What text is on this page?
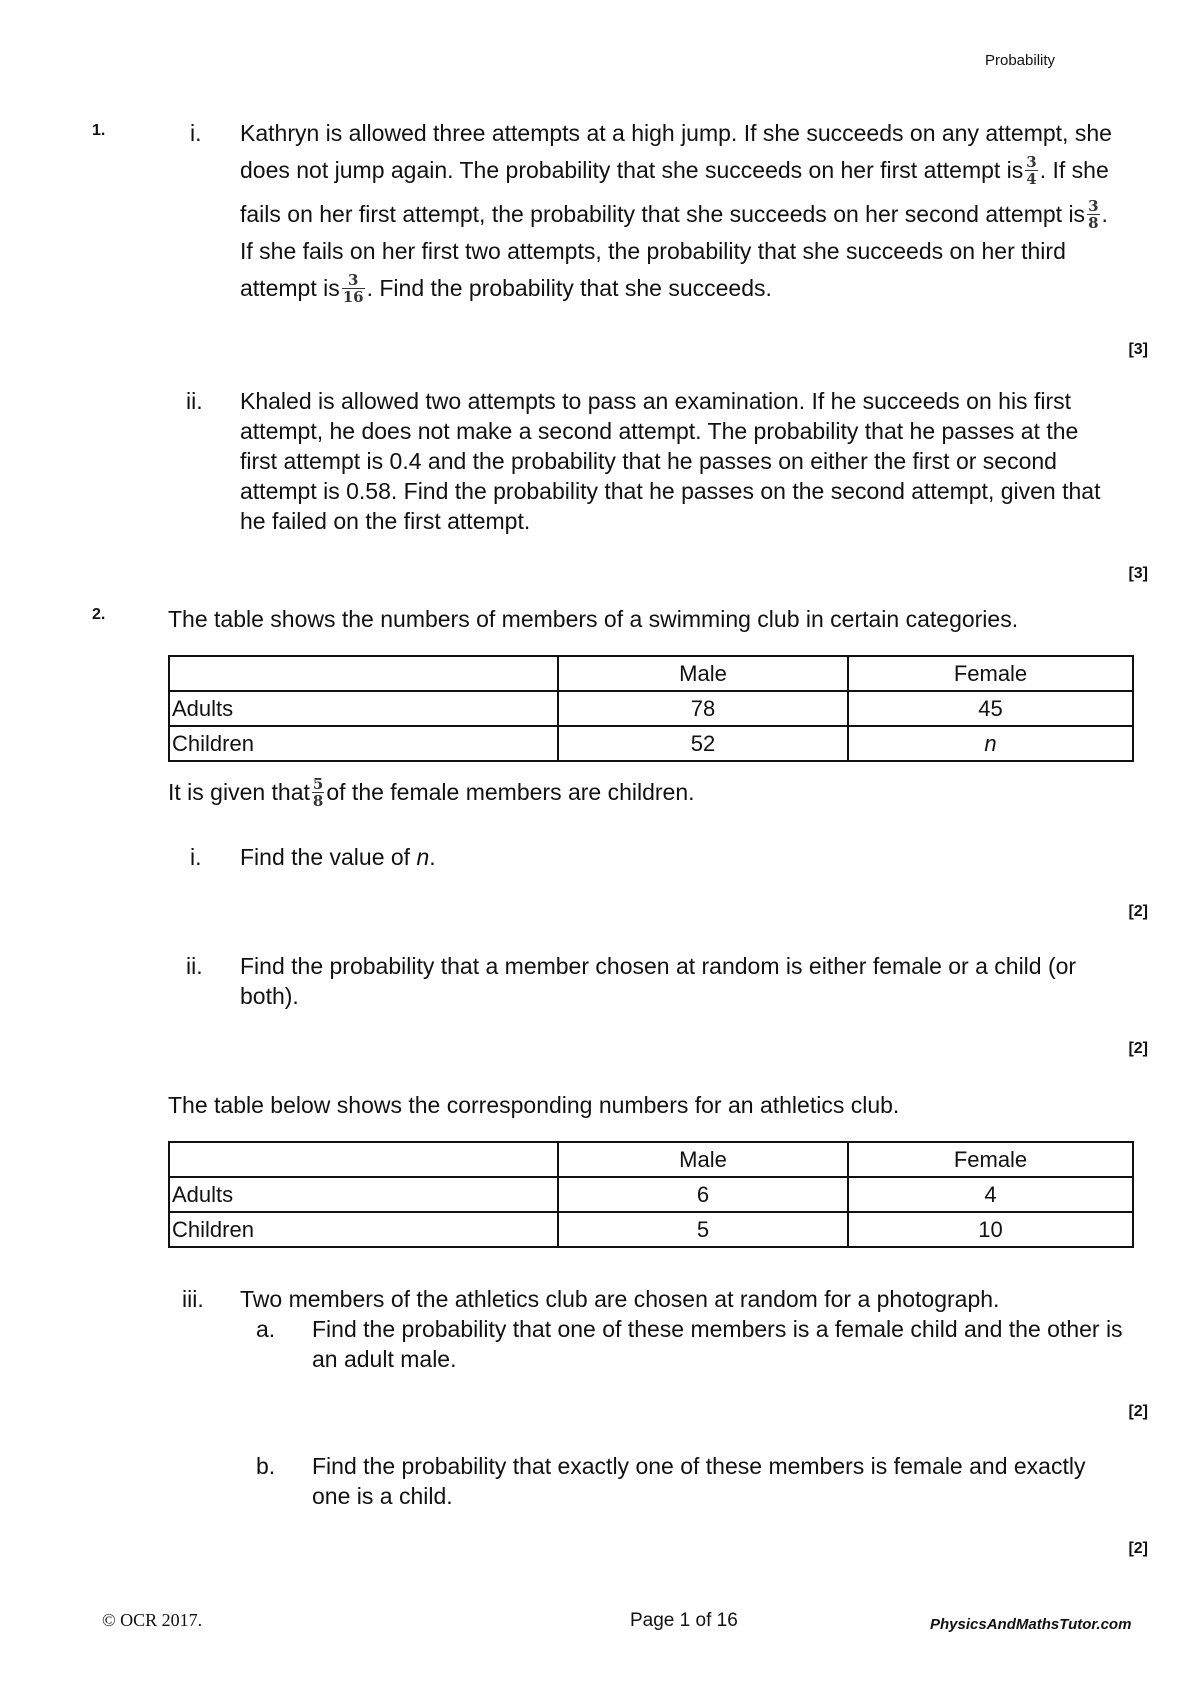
Probability
1.	i. Kathryn is allowed three attempts at a high jump. If she succeeds on any attempt, she
does not jump again. The probability that she succeeds on her first attempt is $\frac{3}{4}$ . If she
fails on her first attempt, the probability that she succeeds on her second attempt is $\frac{3}{8}$ .
If she fails on her first two attempts, the probability that she succeeds on her third
attempt is $\frac{3}{16}$ . Find the probability that she succeeds.
[3]
ii. Khaled is allowed two attempts to pass an examination. If he succeeds on his first
attempt, he does not make a second attempt. The probability that he passes at the
first attempt is 0.4 and the probability that he passes on either the first or second
attempt is 0.58. Find the probability that he passes on the second attempt, given that
he failed on the first attempt.
[3]
2.	The table shows the numbers of members of a swimming club in certain categories.
	Male	Female
Adults	78	45
Children	52	n
It is given that $\frac{5}{8}$ of the female members are children.
i. Find the value of n.
[2]
ii. Find the probability that a member chosen at random is either female or a child (or
both).
[2]
The table below shows the corresponding numbers for an athletics club.
	Male	Female
Adults	6	4
Children	5	10
iii. Two members of the athletics club are chosen at random for a photograph.
a. Find the probability that one of these members is a female child and the other is
an adult male.
[2]
b. Find the probability that exactly one of these members is female and exactly
one is a child.
[2]
© OCR 2017.	Page 1 of 16	PhysicsAndMathsTutor.com
